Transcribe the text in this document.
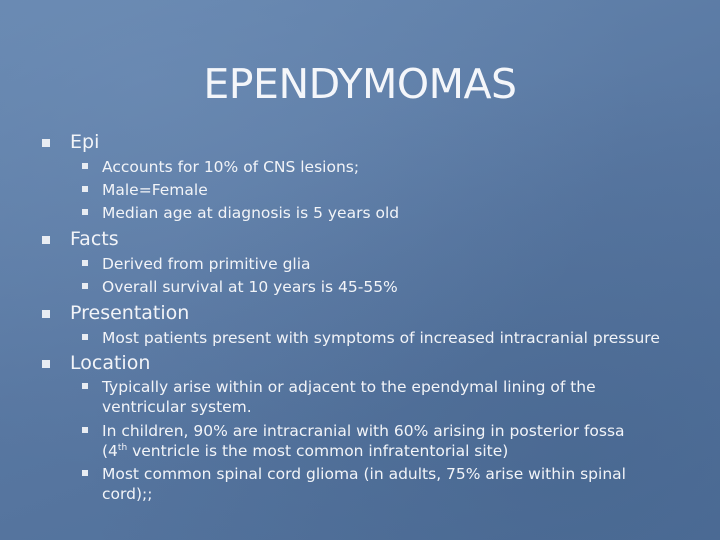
EPENDYMOMAS
Epi
Accounts for 10% of CNS lesions;
Male=Female
Median age at diagnosis is 5 years old
Facts
Derived from primitive glia
Overall survival at 10 years is 45-55%
Presentation
Most patients present with symptoms of increased intracranial pressure
Location
Typically arise within or adjacent to the ependymal lining of the ventricular system.
In children, 90% are intracranial with 60% arising in posterior fossa (4th ventricle is the most common infratentorial site)
Most common spinal cord glioma (in adults, 75% arise within spinal cord);;
